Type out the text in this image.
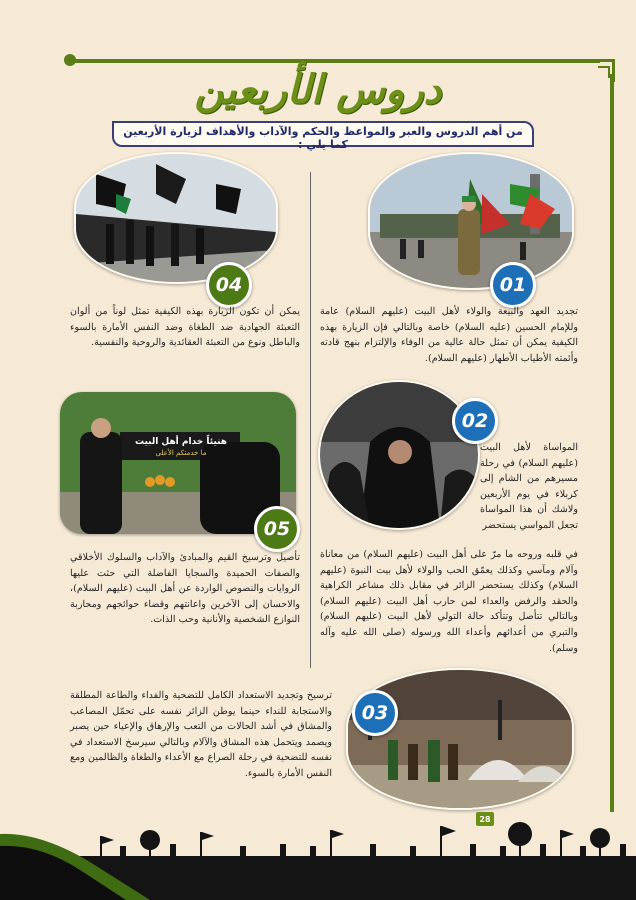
دروس الأربعين
من أهم الدروس والعبر والمواعظ والحكم والآداب والأهداف لزيارة الأربعين كما يلي :
01
تجديد العهد والبيعة والولاء لأهل البيت (عليهم السلام) عامة وللإمام الحسين (عليه السلام) خاصة وبالتالي فإن الزيارة بهذه الكيفية يمكن أن تمثل حالة عالية من الوفاء والإلتزام بنهج قادته وأئمته الأطياب الأطهار (عليهم السلام).
04
يمكن أن تكون الزيارة بهذه الكيفية تمثل لوناً من ألوان التعبئة الجهادية ضد الطغاة وضد النفس الأمارة بالسوء والباطل ونوع من التعبئة العقائدية والروحية والنفسية.
هنيئاً خدام أهل البيت
ما خدمتكم الأعلى
05
تأصيل وترسيخ القيم والمبادئ والآداب والسلوك الأخلاقي والصفات الحميدة والسجايا الفاضلة التي حثت عليها الروايات والنصوص الواردة عن أهل البيت (عليهم السلام)، والاحسان إلى الآخرين واعانتهم وقضاء حوائجهم ومحاربة النوازع الشخصية والأنانية وحب الذات.
02
المواساة لأهل البيت (عليهم السلام) في رحلة مسيرهم من الشام إلى كربلاء في يوم الأربعين ولاشك أن هذا المواساة تجعل المواسي يستحضر
في قلبه وروحه ما مرّ على أهل البيت (عليهم السلام) من معاناة وآلام ومآسي وكذلك يعمّق الحب والولاء لأهل بيت النبوة (عليهم السلام) وكذلك يستحضر الزائر في مقابل ذلك مشاعر الكراهية والحقد والرفض والعداء لمن حارب أهل البيت (عليهم السلام) وبالتالي تتأصل وتتأكد حالة التولي لأهل البيت (عليهم السلام) والتبري من أعدائهم وأعداء الله ورسوله (صلى الله عليه وآله وسلم).
03
ترسيخ وتجديد الاستعداد الكامل للتضحية والفداء والطاعة المطلقة والاستجابة للنداء حينما يوطن الزائر نفسه على تحمّل المصاعب والمشاق في أشد الحالات من التعب والإرهاق والإعياء حين يصبر ويصمد ويتحمل هذه المشاق والآلام وبالتالي سيرسخ الاستعداد في نفسه للتضحية في رحلة الصراع مع الأعداء والطغاة والظالمين ومع النفس الأمارة بالسوء.
28
